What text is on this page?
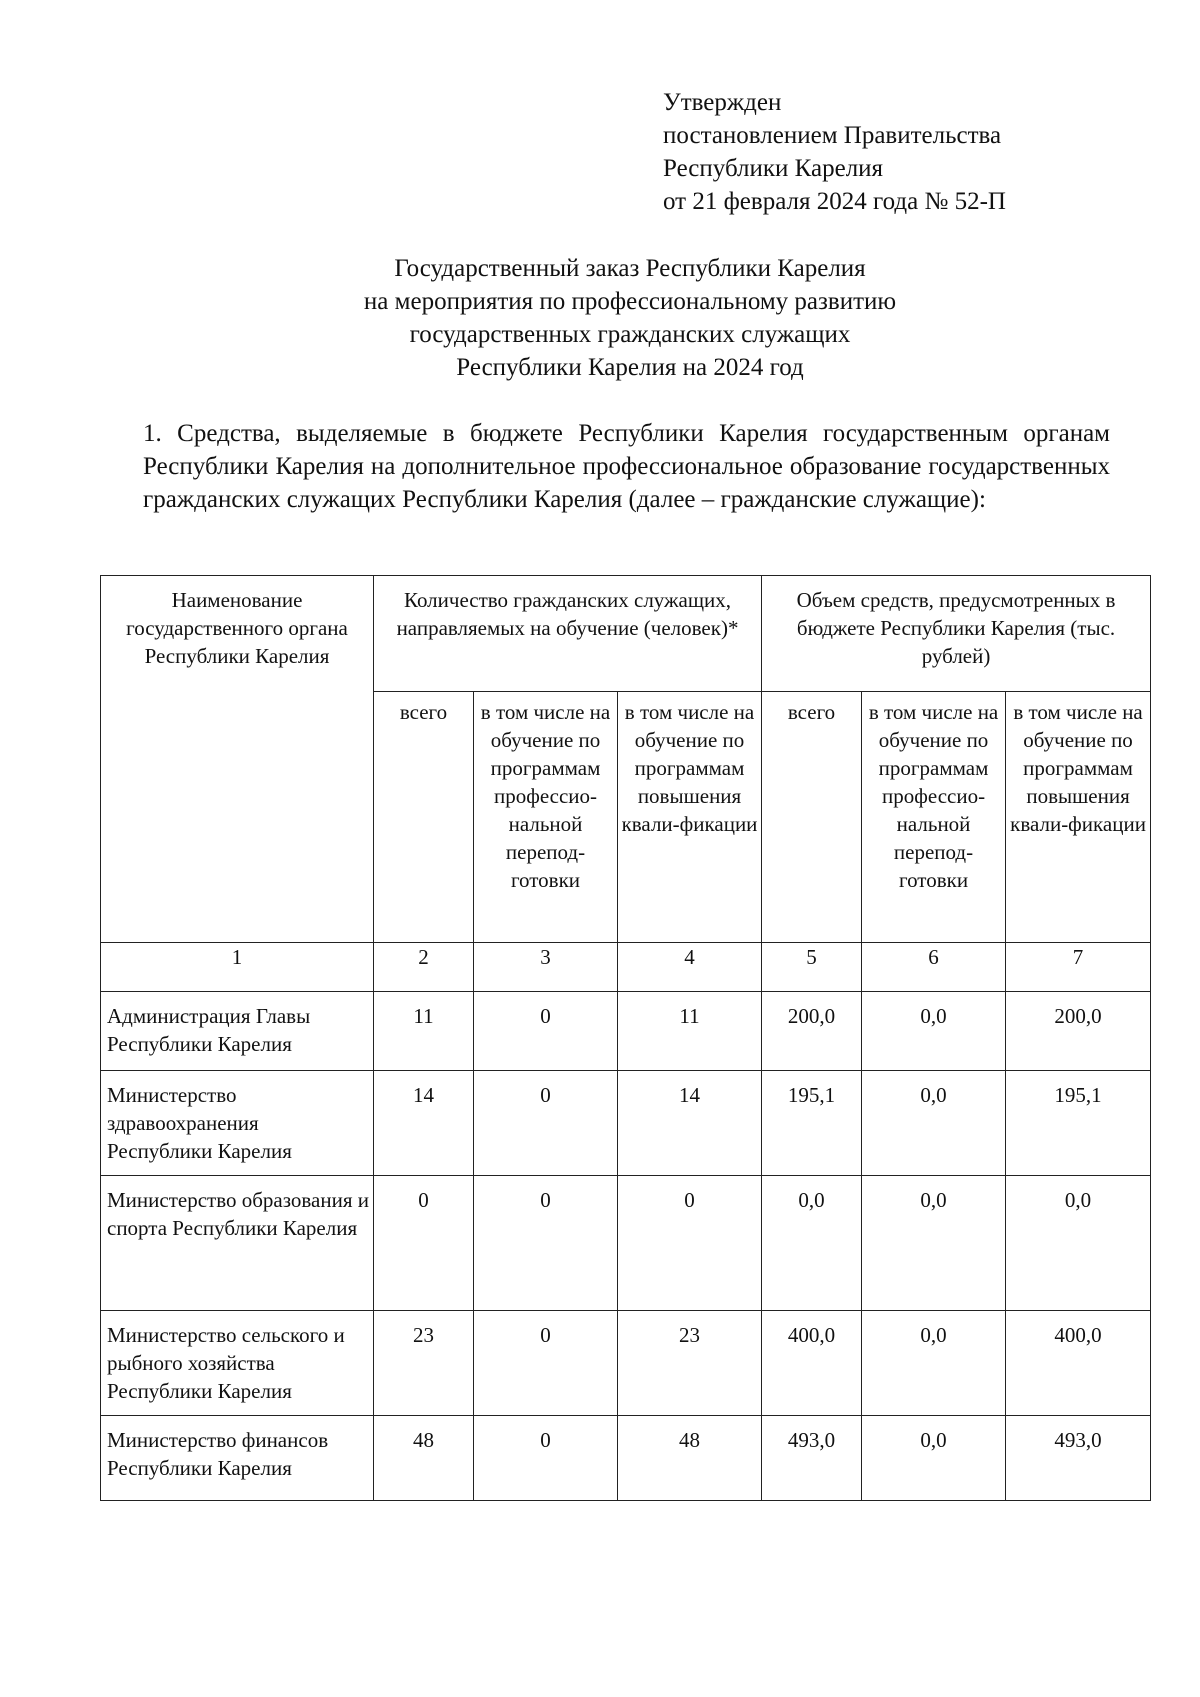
Утвержден
постановлением Правительства
Республики Карелия
от 21 февраля 2024 года № 52-П
Государственный заказ Республики Карелия
на мероприятия по профессиональному развитию
государственных гражданских служащих
Республики Карелия на 2024 год
1. Средства, выделяемые в бюджете Республики Карелия государственным органам Республики Карелия на дополнительное профессиональное образование государственных гражданских служащих Республики Карелия (далее – гражданские служащие):
Наименование государственного органа Республики Карелия	Количество гражданских служащих, направляемых на обучение (человек)*			Объем средств, предусмотренных в бюджете Республики Карелия (тыс. рублей)		
	всего	в том числе на обучение по программам профессио-нальной перепод-готовки	в том числе на обучение по программам повышения квали-фикации	всего	в том числе на обучение по программам профессио-нальной перепод-готовки	в том числе на обучение по программам повышения квали-фикации
1	2	3	4	5	6	7
Администрация Главы Республики Карелия	11	0	11	200,0	0,0	200,0
Министерство здравоохранения Республики Карелия	14	0	14	195,1	0,0	195,1
Министерство образования и спорта Республики Карелия	0	0	0	0,0	0,0	0,0
Министерство сельского и рыбного хозяйства Республики Карелия	23	0	23	400,0	0,0	400,0
Министерство финансов Республики Карелия	48	0	48	493,0	0,0	493,0
